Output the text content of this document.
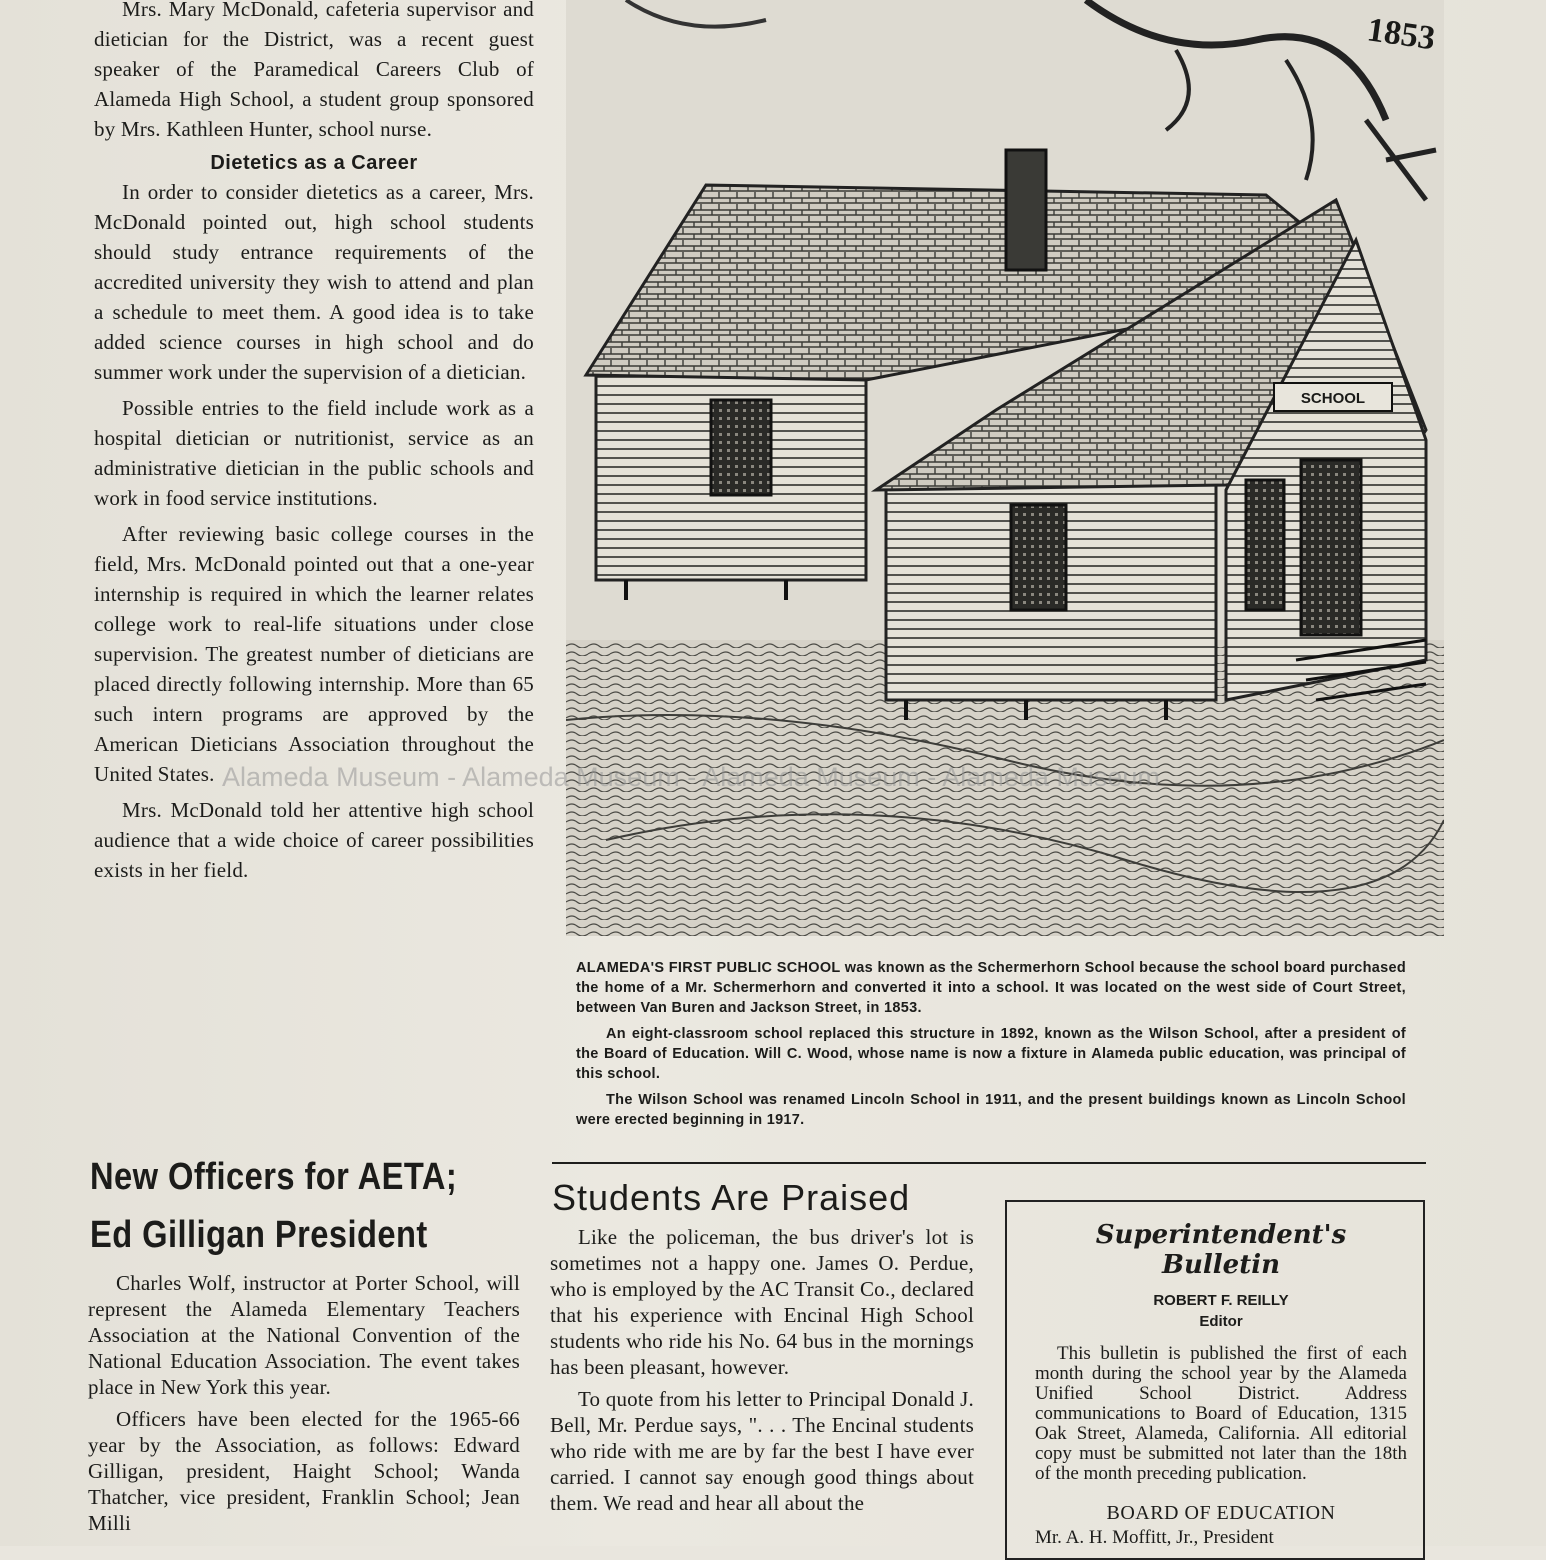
Mrs. Mary McDonald, cafeteria supervisor and dietician for the District, was a recent guest speaker of the Paramedical Careers Club of Alameda High School, a student group sponsored by Mrs. Kathleen Hunter, school nurse.

Dietetics as a Career

In order to consider dietetics as a career, Mrs. McDonald pointed out, high school students should study entrance requirements of the accredited university they wish to attend and plan a schedule to meet them. A good idea is to take added science courses in high school and do summer work under the supervision of a dietician.

Possible entries to the field include work as a hospital dietician or nutritionist, service as an administrative dietician in the public schools and work in food service institutions.

After reviewing basic college courses in the field, Mrs. McDonald pointed out that a one-year internship is required in which the learner relates college work to real-life situations under close supervision. The greatest number of dieticians are placed directly following internship. More than 65 such intern programs are approved by the American Dieticians Association throughout the United States.

Mrs. McDonald told her attentive high school audience that a wide choice of career possibilities exists in her field.

SCHOOL
1853

ALAMEDA'S FIRST PUBLIC SCHOOL was known as the Schermerhorn School because the school board purchased the home of a Mr. Schermerhorn and converted it into a school. It was located on the west side of Court Street, between Van Buren and Jackson Street, in 1853.

An eight-classroom school replaced this structure in 1892, known as the Wilson School, after a president of the Board of Education. Will C. Wood, whose name is now a fixture in Alameda public education, was principal of this school.

The Wilson School was renamed Lincoln School in 1911, and the present buildings known as Lincoln School were erected beginning in 1917.

New Officers for AETA;
Ed Gilligan President

Charles Wolf, instructor at Porter School, will represent the Alameda Elementary Teachers Association at the National Convention of the National Education Association. The event takes place in New York this year.

Officers have been elected for the 1965-66 year by the Association, as follows: Edward Gilligan, president, Haight School; Wanda Thatcher, vice president, Franklin School; Jean Milli

Students Are Praised

Like the policeman, the bus driver's lot is sometimes not a happy one. James O. Perdue, who is employed by the AC Transit Co., declared that his experience with Encinal High School students who ride his No. 64 bus in the mornings has been pleasant, however.

To quote from his letter to Principal Donald J. Bell, Mr. Perdue says, ". . . The Encinal students who ride with me are by far the best I have ever carried. I cannot say enough good things about them. We read and hear all about the

Superintendent's Bulletin
ROBERT F. REILLY
Editor
This bulletin is published the first of each month during the school year by the Alameda Unified School District. Address communications to Board of Education, 1315 Oak Street, Alameda, California. All editorial copy must be submitted not later than the 18th of the month preceding publication.
BOARD OF EDUCATION
Mr. A. H. Moffitt, Jr., President
Alameda Museum - Alameda Museum - Alameda Museum - Alameda Museum
